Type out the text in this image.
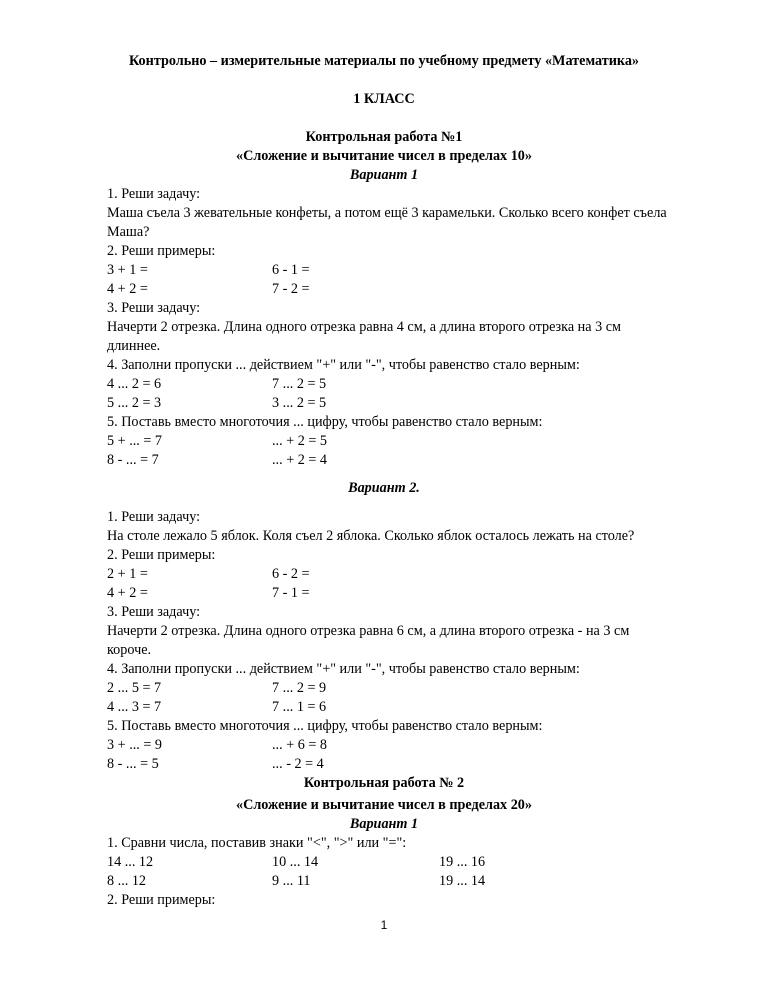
Контрольно – измерительные материалы по учебному предмету «Математика»
1 КЛАСС
Контрольная работа №1
«Сложение и вычитание чисел в пределах 10»
Вариант 1
1. Реши задачу:
Маша съела 3 жевательные конфеты, а потом ещё 3 карамельки. Сколько всего конфет съела
Маша?
2. Реши примеры:
3 + 1 =	6 - 1 =
4 + 2 =	7 - 2 =
3. Реши задачу:
Начерти 2 отрезка. Длина одного отрезка равна 4 см, а длина второго отрезка на 3 см
длиннее.
4. Заполни пропуски ... действием "+" или "-", чтобы равенство стало верным:
4 ... 2 = 6	7 ... 2 = 5
5 ... 2 = 3	3 ... 2 = 5
5. Поставь вместо многоточия ... цифру, чтобы равенство стало верным:
5 + ... = 7	... + 2 = 5
8 - ... = 7	... + 2 = 4
Вариант 2.
1. Реши задачу:
На столе лежало 5 яблок. Коля съел 2 яблока. Сколько яблок осталось лежать на столе?
2. Реши примеры:
2 + 1 =	6 - 2 =
4 + 2 =	7 - 1 =
3. Реши задачу:
Начерти 2 отрезка. Длина одного отрезка равна 6 см, а длина второго отрезка - на 3 см
короче.
4. Заполни пропуски ... действием "+" или "-", чтобы равенство стало верным:
2 ... 5 = 7	7 ... 2 = 9
4 ... 3 = 7	7 ... 1 = 6
5. Поставь вместо многоточия ... цифру, чтобы равенство стало верным:
3 + ... = 9	... + 6 = 8
8 - ... = 5	... - 2 = 4
Контрольная работа № 2
«Сложение и вычитание чисел в пределах 20»
Вариант 1
1. Сравни числа, поставив знаки "<", ">" или "=":
14 ... 12	10 ... 14	19 ... 16
8 ... 12	9 ... 11	19 ... 14
2. Реши примеры:
1
